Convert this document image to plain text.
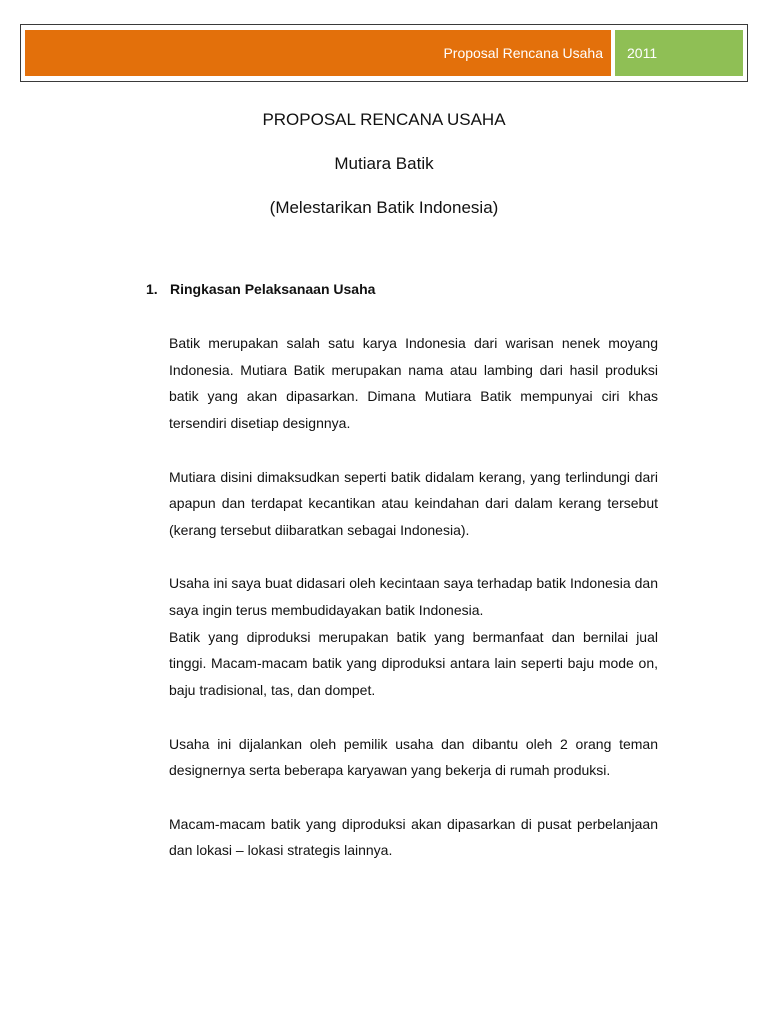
Proposal Rencana Usaha	2011
PROPOSAL RENCANA USAHA
Mutiara Batik
(Melestarikan Batik Indonesia)
1. Ringkasan Pelaksanaan Usaha

Batik merupakan salah satu karya Indonesia dari warisan nenek moyang Indonesia. Mutiara Batik merupakan nama atau lambing dari hasil produksi batik yang akan dipasarkan. Dimana Mutiara Batik mempunyai ciri khas tersendiri disetiap designnya.

Mutiara disini dimaksudkan seperti batik didalam kerang, yang terlindungi dari apapun dan terdapat kecantikan atau keindahan dari dalam kerang tersebut (kerang tersebut diibaratkan sebagai Indonesia).

Usaha ini saya buat didasari oleh kecintaan saya terhadap batik Indonesia dan saya ingin terus membudidayakan batik Indonesia.

Batik yang diproduksi merupakan batik yang bermanfaat dan bernilai jual tinggi. Macam-macam batik yang diproduksi antara lain seperti baju mode on, baju tradisional, tas, dan dompet.

Usaha ini dijalankan oleh pemilik usaha dan dibantu oleh 2 orang teman designernya serta beberapa karyawan yang bekerja di rumah produksi.

Macam-macam batik yang diproduksi akan dipasarkan di pusat perbelanjaan dan lokasi – lokasi strategis lainnya.
